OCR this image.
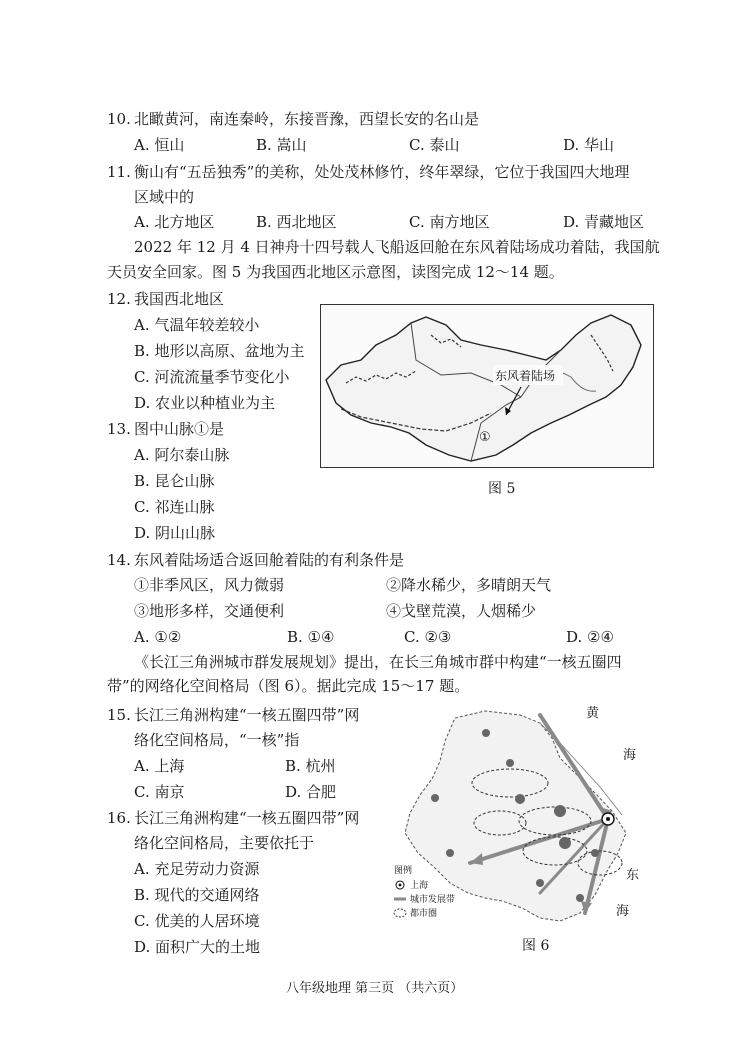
10. 北瞰黄河，南连秦岭，东接晋豫，西望长安的名山是
A. 恒山	B. 嵩山	C. 泰山	D. 华山
11. 衡山有“五岳独秀”的美称，处处茂林修竹，终年翠绿，它位于我国四大地理
区域中的
A. 北方地区	B. 西北地区	C. 南方地区	D. 青藏地区
2022 年 12 月 4 日神舟十四号载人飞船返回舱在东风着陆场成功着陆，我国航
天员安全回家。图 5 为我国西北地区示意图，读图完成 12～14 题。
12. 我国西北地区
A. 气温年较差较小
B. 地形以高原、盆地为主
C. 河流流量季节变化小
D. 农业以种植业为主
13. 图中山脉①是
A. 阿尔泰山脉
B. 昆仑山脉
C. 祁连山脉
D. 阴山山脉
东风着陆场
①
图 5
14. 东风着陆场适合返回舱着陆的有利条件是
①非季风区，风力微弱	②降水稀少，多晴朗天气
③地形多样，交通便利	④戈壁荒漠，人烟稀少
A. ①②	B. ①④	C. ②③	D. ②④
《长江三角洲城市群发展规划》提出，在长三角城市群中构建“一核五圈四
带”的网络化空间格局（图 6）。据此完成 15～17 题。
15. 长江三角洲构建“一核五圈四带”网
络化空间格局，“一核”指
A. 上海	B. 杭州
C. 南京	D. 合肥
16. 长江三角洲构建“一核五圈四带”网
络化空间格局，主要依托于
A. 充足劳动力资源
B. 现代的交通网络
C. 优美的人居环境
D. 面积广大的土地
黄
海
东
海
图例
上海
城市发展带
都市圈
图 6
八年级地理 第三页 （共六页）
